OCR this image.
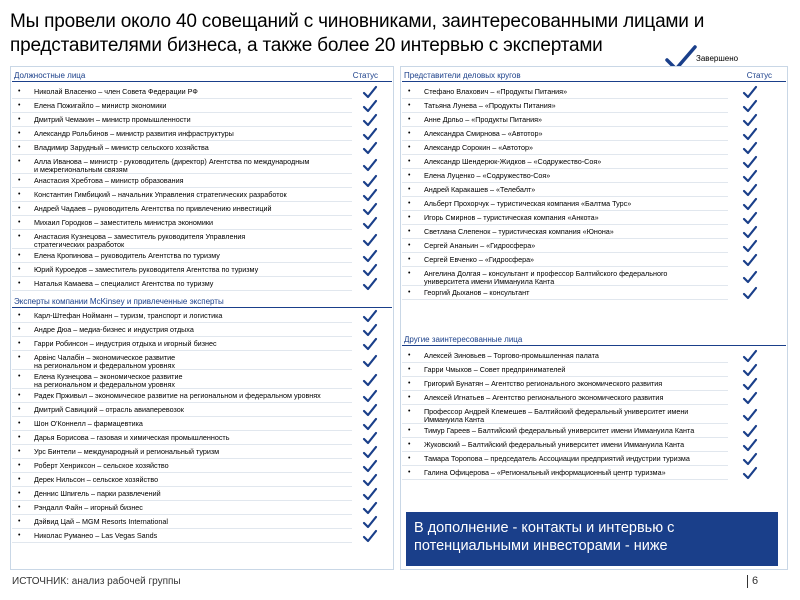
Мы провели около 40 совещаний с чиновниками, заинтересованными лицами и представителями бизнеса, а также более 20 интервью с экспертами
Завершено
Должностные лица	Статус
• Николай Власенко – член Совета Федерации РФ
• Елена Пожигайло – министр экономики
• Дмитрий Чемакин – министр промышленности
• Александр Рольбинов – министр развития инфраструктуры
• Владимир Зарудный – министр сельского хозяйства
• Алла Иванова – министр - руководитель (директор) Агентства по международным
и межрегиональным связям
• Анастасия Хребтова – министр образования
• Константин Гимбицкий – начальник Управления стратегических разработок
• Андрей Чадаев – руководитель Агентства по привлечению инвестиций
• Михаил Городков – заместитель министра экономики
• Анастасия Кузнецова – заместитель руководителя Управления
стратегических разработок
• Елена Кропинова – руководитель Агентства по туризму
• Юрий Куроедов – заместитель руководителя Агентства по туризму
• Наталья Камаева – специалист Агентства по туризму
Эксперты компании McKinsey и привлеченные эксперты
• Карл-Штефан Нойманн – туризм, транспорт и логистика
• Андре Дюа – медиа-бизнес и индустрия отдыха
• Гарри Робинсон – индустрия отдыха и игорный бизнес
• Арвінс Чалабін – экономическое развитие
на региональном и федеральном уровнях
• Елена Кузнецова – экономическое развитие
на региональном и федеральном уровнях
• Радек Прживыл – экономическое развитие на региональном и федеральном уровнях
• Дмитрий Савицкий – отрасль авиаперевозок
• Шон О'Коннелл – фармацевтика
• Дарья Борисова – газовая и химическая промышленность
• Урс Бинтели – международный и региональный туризм
• Роберт Хенриксон – сельское хозяйство
• Дерек Нильсон – сельское хозяйство
• Деннис Шпигель – парки развлечений
• Рэндалл Файн – игорный бизнес
• Дэйвид Цай – MGM Resorts International
• Николас Руманео – Las Vegas Sands
Представители деловых кругов	Статус
• Стефано Влахович – «Продукты Питания»
• Татьяна Лунева – «Продукты Питания»
• Анне Дрльо – «Продукты Питания»
• Александра Смирнова – «Автотор»
• Александр Сорокин – «Автотор»
• Александр Шендерюк-Жидков – «Содружество-Соя»
• Елена Луценко – «Содружество-Соя»
• Андрей Каракашев – «Телебалт»
• Альберт Прохорчук – туристическая компания «Балтма Турс»
• Игорь Смирнов – туристическая компания «Анкота»
• Светлана Слепенок – туристическая компания «Юнона»
• Сергей Ананьин – «Гидросфера»
• Сергей Евченко – «Гидросфера»
• Ангелина Долгая – консультант и профессор Балтийского федерального
университета имени Иммануила Канта
• Георгий Дыханов – консультант
Другие заинтересованные лица
• Алексей Зиновьев – Торгово-промышленная палата
• Гарри Чмыхов – Совет предпринимателей
• Григорий Бунатян – Агентство регионального экономического развития
• Алексей Игнатьев – Агентство регионального экономического развития
• Профессор Андрей Клемешев – Балтийский федеральный университет имени
Иммануила Канта
• Тимур Гареев – Балтийский федеральный университет имени Иммануила Канта
• Жуковский – Балтийский федеральный университет имени Иммануила Канта
• Тамара Торопова – председатель Ассоциации предприятий индустрии туризма
• Галина Офицерова – «Региональный информационный центр туризма»
В дополнение - контакты и интервью с потенциальными инвесторами - ниже
ИСТОЧНИК: анализ рабочей группы	6
